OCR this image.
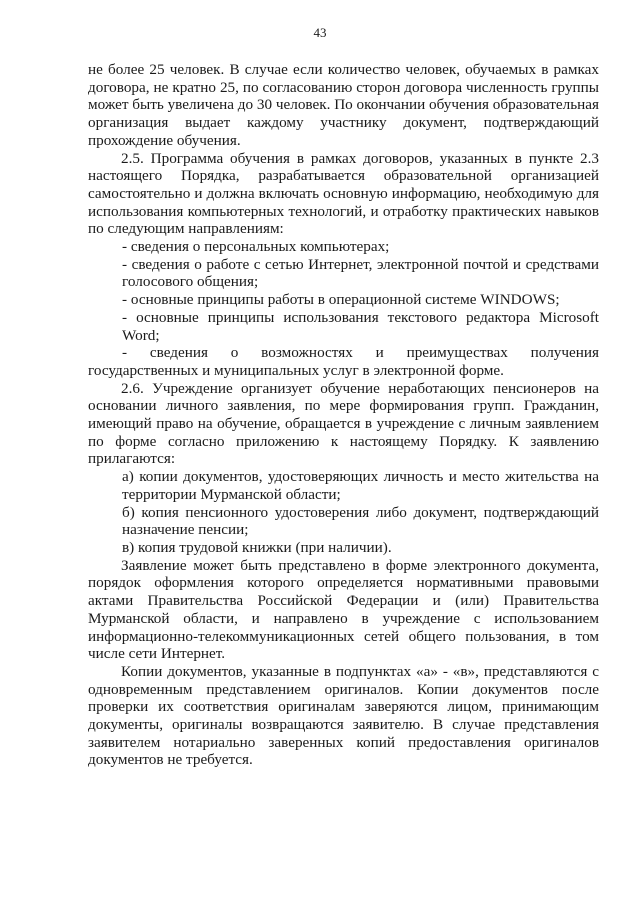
43

не более 25 человек. В случае если количество человек, обучаемых в рамках договора, не кратно 25, по согласованию сторон договора численность группы может быть увеличена до 30 человек. По окончании обучения образовательная организация выдает каждому участнику документ, подтверждающий прохождение обучения.

2.5. Программа обучения в рамках договоров, указанных в пункте 2.3 настоящего Порядка, разрабатывается образовательной организацией самостоятельно и должна включать основную информацию, необходимую для использования компьютерных технологий, и отработку практических навыков по следующим направлениям:

- сведения о персональных компьютерах;

- сведения о работе с сетью Интернет, электронной почтой и средствами голосового общения;

- основные принципы работы в операционной системе WINDOWS;

- основные принципы использования текстового редактора Microsoft Word;

- сведения о возможностях и преимуществах получения

государственных и муниципальных услуг в электронной форме.

2.6. Учреждение организует обучение неработающих пенсионеров на основании личного заявления, по мере формирования групп. Гражданин, имеющий право на обучение, обращается в учреждение с личным заявлением по форме согласно приложению к настоящему Порядку. К заявлению прилагаются:

а) копии документов, удостоверяющих личность и место жительства на территории Мурманской области;

б) копия пенсионного удостоверения либо документ, подтверждающий назначение пенсии;

в) копия трудовой книжки (при наличии).

Заявление может быть представлено в форме электронного документа, порядок оформления которого определяется нормативными правовыми актами Правительства Российской Федерации и (или) Правительства Мурманской области, и направлено в учреждение с использованием информационно-телекоммуникационных сетей общего пользования, в том числе сети Интернет.

Копии документов, указанные в подпунктах «а» - «в», представляются с одновременным представлением оригиналов. Копии документов после проверки их соответствия оригиналам заверяются лицом, принимающим документы, оригиналы возвращаются заявителю. В случае представления заявителем нотариально заверенных копий предоставления оригиналов документов не требуется.
